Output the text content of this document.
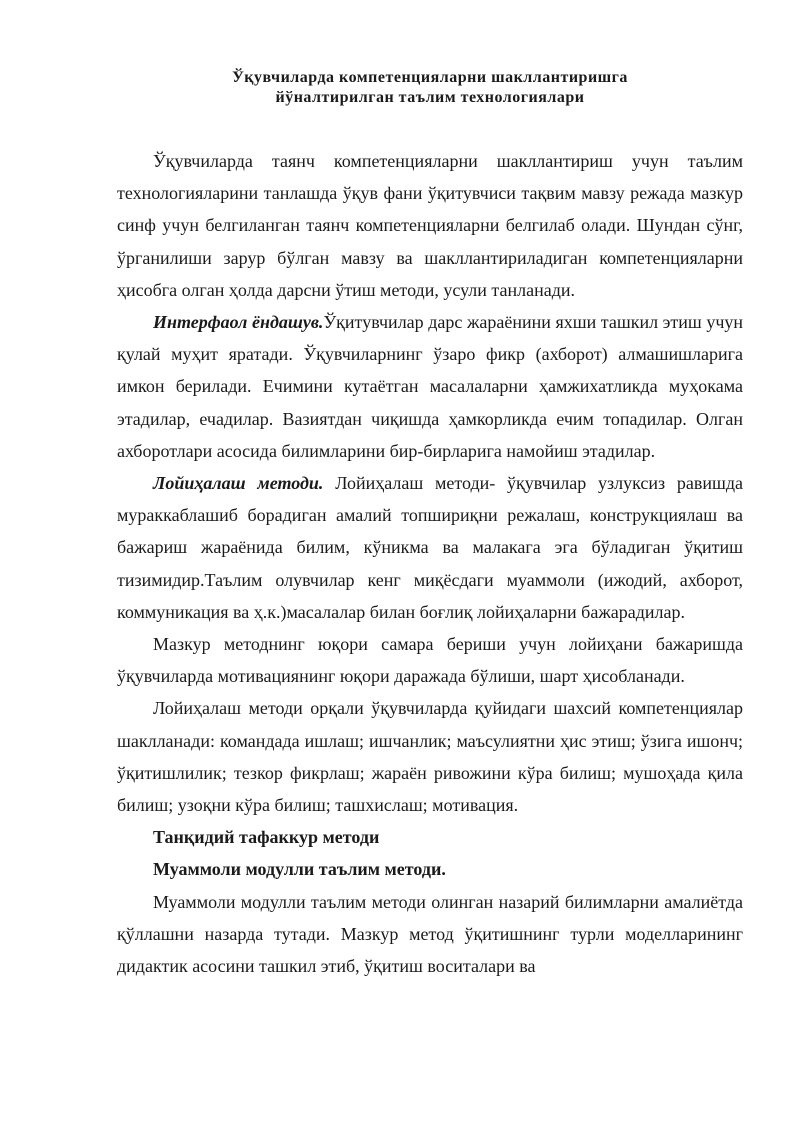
Ўқувчиларда компетенцияларни шакллантиришга
йўналтирилган таълим технологиялари

Ўқувчиларда таянч компетенцияларни шакллантириш учун таълим технологияларини танлашда ўқув фани ўқитувчиси тақвим мавзу режада мазкур синф учун белгиланган таянч компетенцияларни белгилаб олади. Шундан сўнг, ўрганилиши зарур бўлган мавзу ва шакллантириладиган компетенцияларни ҳисобга олган ҳолда дарсни ўтиш методи, усули танланади.

Интерфаол ёндашув.Ўқитувчилар дарс жараёнини яхши ташкил этиш учун қулай муҳит яратади. Ўқувчиларнинг ўзаро фикр (ахборот) алмашишларига имкон берилади. Ечимини кутаётган масалаларни ҳамжихатликда муҳокама этадилар, ечадилар. Вазиятдан чиқишда ҳамкорликда ечим топадилар. Олган ахборотлари асосида билимларини бир-бирларига намойиш этадилар.

Лойиҳалаш методи. Лойиҳалаш методи- ўқувчилар узлуксиз равишда мураккаблашиб борадиган амалий топшириқни режалаш, конструкциялаш ва бажариш жараёнида билим, кўникма ва малакага эга бўладиган ўқитиш тизимидир.Таълим олувчилар кенг миқёсдаги муаммоли (ижодий, ахборот, коммуникация ва ҳ.к.)масалалар билан боғлиқ лойиҳаларни бажарадилар.

Мазкур методнинг юқори самара бериши учун лойиҳани бажаришда ўқувчиларда мотивациянинг юқори даражада бўлиши, шарт ҳисобланади.

Лойиҳалаш методи орқали ўқувчиларда қуйидаги шахсий компетенциялар шаклланади: командада ишлаш; ишчанлик; маъсулиятни ҳис этиш; ўзига ишонч; ўқитишлилик; тезкор фикрлаш; жараён ривожини кўра билиш; мушоҳада қила билиш; узоқни кўра билиш; ташхислаш; мотивация.

Танқидий тафаккур методи

Муаммоли модулли таълим методи.

Муаммоли модулли таълим методи олинган назарий билимларни амалиётда қўллашни назарда тутади. Мазкур метод ўқитишнинг турли моделларининг дидактик асосини ташкил этиб, ўқитиш воситалари ва
